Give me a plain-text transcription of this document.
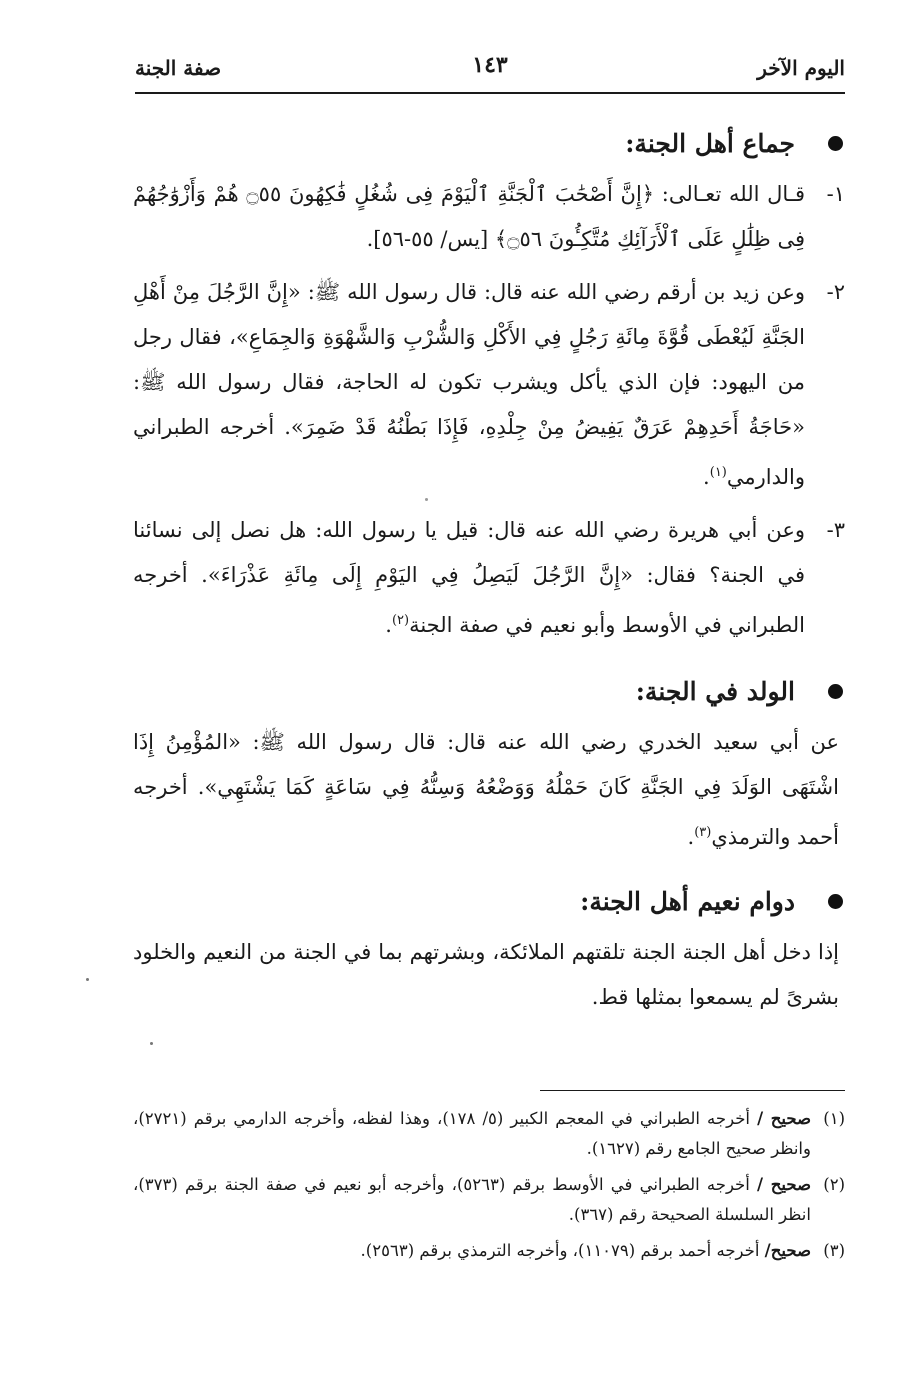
اليوم الآخر
١٤٣
صفة الجنة
جماع أهل الجنة:
١-
قـال الله تعـالى: ﴿إِنَّ أَصْحَٰبَ ٱلْجَنَّةِ ٱلْيَوْمَ فِى شُغُلٍ فَٰكِهُونَ ۝٥٥ هُمْ وَأَزْوَٰجُهُمْ فِى ظِلَٰلٍ عَلَى ٱلْأَرَآئِكِ مُتَّكِـُٔونَ ۝٥٦﴾ [يس/ ٥٥-٥٦].
٢-
وعن زيد بن أرقم رضي الله عنه قال: قال رسول الله ﷺ: «إِنَّ الرَّجُلَ مِنْ أَهْلِ الجَنَّةِ لَيُعْطَى قُوَّةَ مِائَةِ رَجُلٍ فِي الأَكْلِ وَالشُّرْبِ وَالشَّهْوَةِ وَالجِمَاعِ»، فقال رجل من اليهود: فإن الذي يأكل ويشرب تكون له الحاجة، فقال رسول الله ﷺ: «حَاجَةُ أَحَدِهِمْ عَرَقٌ يَفِيضُ مِنْ جِلْدِهِ، فَإِذَا بَطْنُهُ قَدْ ضَمِرَ». أخرجه الطبراني والدارمي$^{(١)}$.
٣-
وعن أبي هريرة رضي الله عنه قال: قيل يا رسول الله: هل نصل إلى نسائنا في الجنة؟ فقال: «إِنَّ الرَّجُلَ لَيَصِلُ فِي اليَوْمِ إِلَى مِائَةِ عَذْرَاءَ». أخرجه الطبراني في الأوسط وأبو نعيم في صفة الجنة$^{(٢)}$.
الولد في الجنة:
عن أبي سعيد الخدري رضي الله عنه قال: قال رسول الله ﷺ: «المُؤْمِنُ إِذَا اشْتَهَى الوَلَدَ فِي الجَنَّةِ كَانَ حَمْلُهُ وَوَضْعُهُ وَسِنُّهُ فِي سَاعَةٍ كَمَا يَشْتَهِي». أخرجه أحمد والترمذي$^{(٣)}$.
دوام نعيم أهل الجنة:
إذا دخل أهل الجنة الجنة تلقتهم الملائكة، وبشرتهم بما في الجنة من النعيم والخلود بشرىً لم يسمعوا بمثلها قط.
(١)
صحيح / أخرجه الطبراني في المعجم الكبير (٥/ ١٧٨)، وهذا لفظه، وأخرجه الدارمي برقم (٢٧٢١)، وانظر صحيح الجامع رقم (١٦٢٧).
(٢)
صحيح / أخرجه الطبراني في الأوسط برقم (٥٢٦٣)، وأخرجه أبو نعيم في صفة الجنة برقم (٣٧٣)، انظر السلسلة الصحيحة رقم (٣٦٧).
(٣)
صحيح/ أخرجه أحمد برقم (١١٠٧٩)، وأخرجه الترمذي برقم (٢٥٦٣).
